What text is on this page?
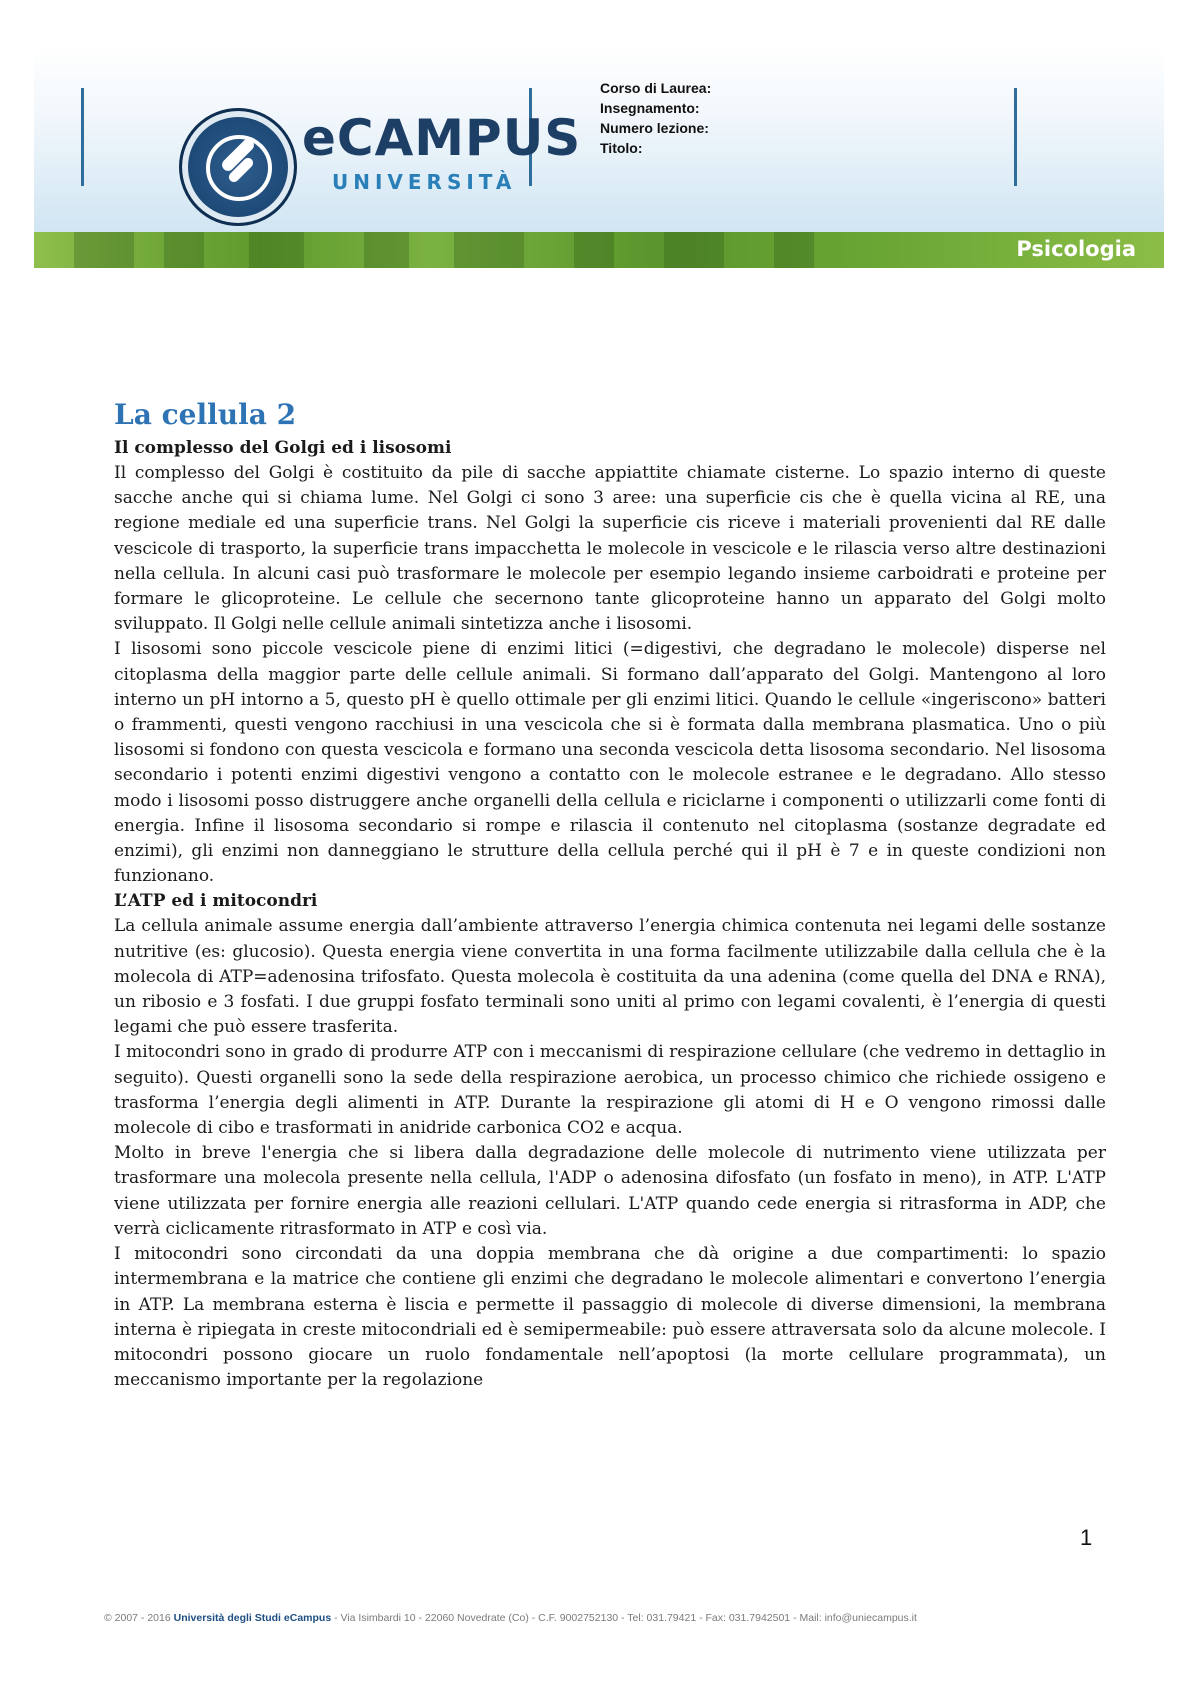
eCAMPUS
UNIVERSITÀ
Corso di Laurea:
Insegnamento:
Numero lezione:
Titolo:
Psicologia
La cellula 2

Il complesso del Golgi ed i lisosomi

Il complesso del Golgi è costituito da pile di sacche appiattite chiamate cisterne. Lo spazio interno di queste sacche anche qui si chiama lume. Nel Golgi ci sono 3 aree: una superficie cis che è quella vicina al RE, una regione mediale ed una superficie trans. Nel Golgi la superficie cis riceve i materiali provenienti dal RE dalle vescicole di trasporto, la superficie trans impacchetta le molecole in vescicole e le rilascia verso altre destinazioni nella cellula. In alcuni casi può trasformare le molecole per esempio legando insieme carboidrati e proteine per formare le glicoproteine. Le cellule che secernono tante glicoproteine hanno un apparato del Golgi molto sviluppato. Il Golgi nelle cellule animali sintetizza anche i lisosomi.

I lisosomi sono piccole vescicole piene di enzimi litici (=digestivi, che degradano le molecole) disperse nel citoplasma della maggior parte delle cellule animali. Si formano dall’apparato del Golgi. Mantengono al loro interno un pH intorno a 5, questo pH è quello ottimale per gli enzimi litici. Quando le cellule «ingeriscono» batteri o frammenti, questi vengono racchiusi in una vescicola che si è formata dalla membrana plasmatica. Uno o più lisosomi si fondono con questa vescicola e formano una seconda vescicola detta lisosoma secondario. Nel lisosoma secondario i potenti enzimi digestivi vengono a contatto con le molecole estranee e le degradano. Allo stesso modo i lisosomi posso distruggere anche organelli della cellula e riciclarne i componenti o utilizzarli come fonti di energia. Infine il lisosoma secondario si rompe e rilascia il contenuto nel citoplasma (sostanze degradate ed enzimi), gli enzimi non danneggiano le strutture della cellula perché qui il pH è 7 e in queste condizioni non funzionano.

L’ATP ed i mitocondri

La cellula animale assume energia dall’ambiente attraverso l’energia chimica contenuta nei legami delle sostanze nutritive (es: glucosio). Questa energia viene convertita in una forma facilmente utilizzabile dalla cellula che è la molecola di ATP=adenosina trifosfato. Questa molecola è costituita da una adenina (come quella del DNA e RNA), un ribosio e 3 fosfati. I due gruppi fosfato terminali sono uniti al primo con legami covalenti, è l’energia di questi legami che può essere trasferita.

I mitocondri sono in grado di produrre ATP con i meccanismi di respirazione cellulare (che vedremo in dettaglio in seguito). Questi organelli sono la sede della respirazione aerobica, un processo chimico che richiede ossigeno e trasforma l’energia degli alimenti in ATP. Durante la respirazione gli atomi di H e O vengono rimossi dalle molecole di cibo e trasformati in anidride carbonica CO2 e acqua.

Molto in breve l'energia che si libera dalla degradazione delle molecole di nutrimento viene utilizzata per trasformare una molecola presente nella cellula, l'ADP o adenosina difosfato (un fosfato in meno), in ATP. L'ATP viene utilizzata per fornire energia alle reazioni cellulari. L'ATP quando cede energia si ritrasforma in ADP, che verrà ciclicamente ritrasformato in ATP e così via.

I mitocondri sono circondati da una doppia membrana che dà origine a due compartimenti: lo spazio intermembrana e la matrice che contiene gli enzimi che degradano le molecole alimentari e convertono l’energia in ATP. La membrana esterna è liscia e permette il passaggio di molecole di diverse dimensioni, la membrana interna è ripiegata in creste mitocondriali ed è semipermeabile: può essere attraversata solo da alcune molecole. I mitocondri possono giocare un ruolo fondamentale nell’apoptosi (la morte cellulare programmata), un meccanismo importante per la regolazione

1
© 2007 - 2016 Università degli Studi eCampus - Via Isimbardi 10 - 22060 Novedrate (Co) - C.F. 9002752130 - Tel: 031.79421 - Fax: 031.7942501 - Mail: info@uniecampus.it
